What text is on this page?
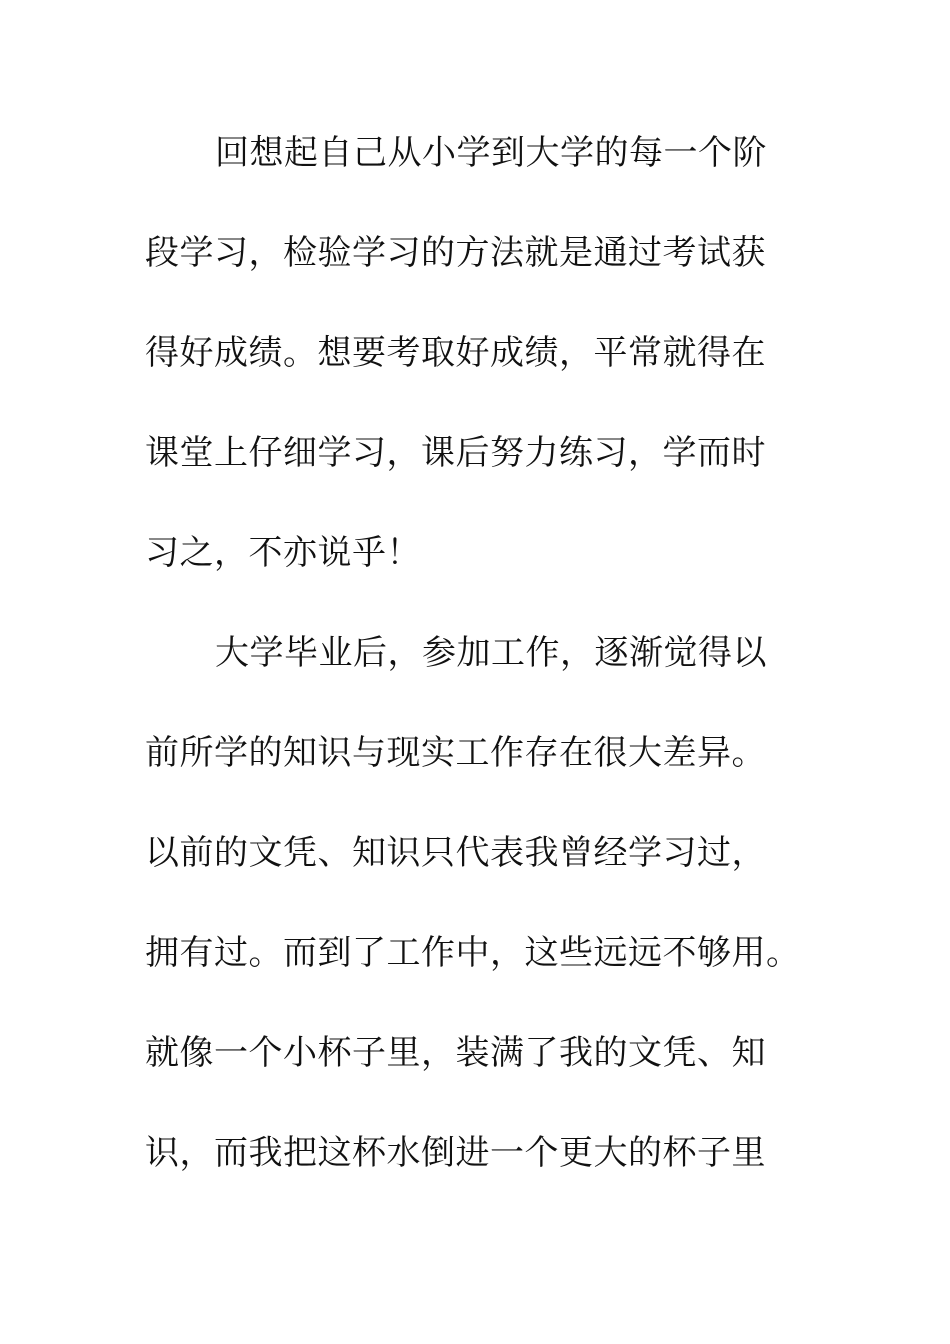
回想起自己从小学到大学的每一个阶
段学习，检验学习的方法就是通过考试获
得好成绩。想要考取好成绩，平常就得在
课堂上仔细学习，课后努力练习，学而时
习之，不亦说乎！
大学毕业后，参加工作，逐渐觉得以
前所学的知识与现实工作存在很大差异。
以前的文凭、知识只代表我曾经学习过，
拥有过。而到了工作中，这些远远不够用。
就像一个小杯子里，装满了我的文凭、知
识，而我把这杯水倒进一个更大的杯子里
